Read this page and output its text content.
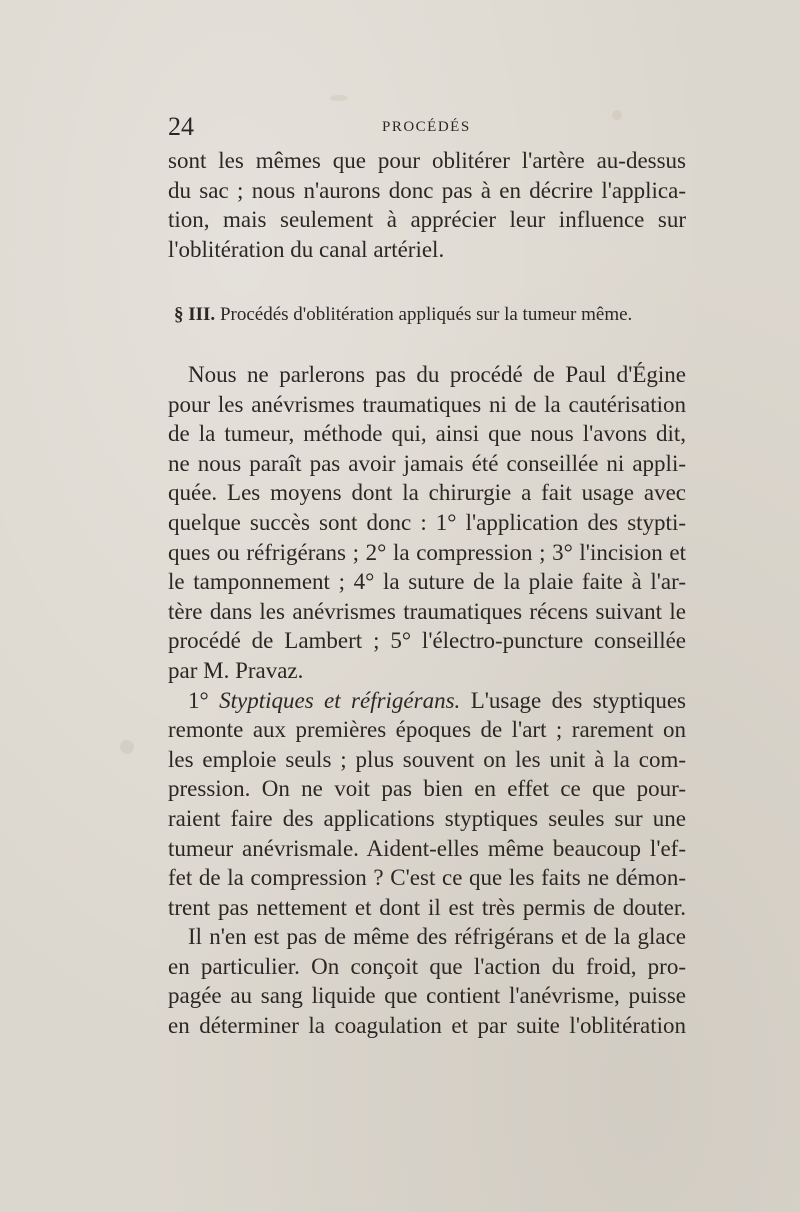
24	PROCÉDÉS
sont les mêmes que pour oblitérer l'artère au-dessus
du sac ; nous n'aurons donc pas à en décrire l'applica-
tion, mais seulement à apprécier leur influence sur
l'oblitération du canal artériel.
§ III. Procédés d'oblitération appliqués sur la tumeur même.
Nous ne parlerons pas du procédé de Paul d'Égine
pour les anévrismes traumatiques ni de la cautérisation
de la tumeur, méthode qui, ainsi que nous l'avons dit,
ne nous paraît pas avoir jamais été conseillée ni appli-
quée. Les moyens dont la chirurgie a fait usage avec
quelque succès sont donc : 1° l'application des stypti-
ques ou réfrigérans ; 2° la compression ; 3° l'incision et
le tamponnement ; 4° la suture de la plaie faite à l'ar-
tère dans les anévrismes traumatiques récens suivant le
procédé de Lambert ; 5° l'électro-puncture conseillée
par M. Pravaz.
1° Styptiques et réfrigérans. L'usage des styptiques
remonte aux premières époques de l'art ; rarement on
les emploie seuls ; plus souvent on les unit à la com-
pression. On ne voit pas bien en effet ce que pour-
raient faire des applications styptiques seules sur une
tumeur anévrismale. Aident-elles même beaucoup l'ef-
fet de la compression ? C'est ce que les faits ne démon-
trent pas nettement et dont il est très permis de douter.
Il n'en est pas de même des réfrigérans et de la glace
en particulier. On conçoit que l'action du froid, pro-
pagée au sang liquide que contient l'anévrisme, puisse
en déterminer la coagulation et par suite l'oblitération
